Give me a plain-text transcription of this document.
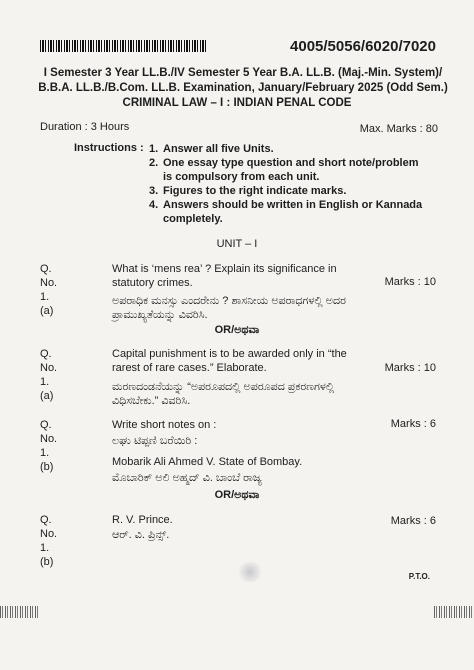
4005/5056/6020/7020
I Semester 3 Year LL.B./IV Semester 5 Year B.A. LL.B. (Maj.-Min. System)/
B.B.A. LL.B./B.Com. LL.B. Examination, January/February 2025 (Odd Sem.)
CRIMINAL LAW – I : INDIAN PENAL CODE
Duration : 3 Hours	Max. Marks : 80
Instructions : 1. Answer all five Units.
2. One essay type question and short note/problem is compulsory from each unit.
3. Figures to the right indicate marks.
4. Answers should be written in English or Kannada completely.
UNIT – I
Q. No. 1. (a)
What is ‘mens rea’ ? Explain its significance in statutory crimes.	Marks : 10
ಅಪರಾಧಿಕ ಮನಸ್ಸು ಎಂದರೇನು ? ಶಾಸನೀಯ ಅಪರಾಧಗಳಲ್ಲಿ ಅದರ ಪ್ರಾಮುಖ್ಯತೆಯನ್ನು ವಿವರಿಸಿ.
OR/ಅಥವಾ
Q. No. 1. (a)
Capital punishment is to be awarded only in “the rarest of rare cases.” Elaborate.	Marks : 10
ಮರಣದಂಡನೆಯನ್ನು “ಅಪರೂಪದಲ್ಲಿ ಅಪರೂಪದ ಪ್ರಕರಣಗಳಲ್ಲಿ ವಿಧಿಸಬೇಕು.” ವಿವರಿಸಿ.
Q. No. 1. (b)
Write short notes on :	Marks : 6
ಲಘು ಟಿಪ್ಪಣಿ ಬರೆಯಿರಿ :
Mobarik Ali Ahmed V. State of Bombay.
ಮೊಬಾರಿಕ್ ಅಲಿ ಅಹ್ಮದ್ ವಿ. ಬಾಂಬೆ ರಾಜ್ಯ
OR/ಅಥವಾ
Q. No. 1. (b)
R. V. Prince.	Marks : 6
ಆರ್. ವಿ. ಪ್ರಿನ್ಸ್.
P.T.O.
